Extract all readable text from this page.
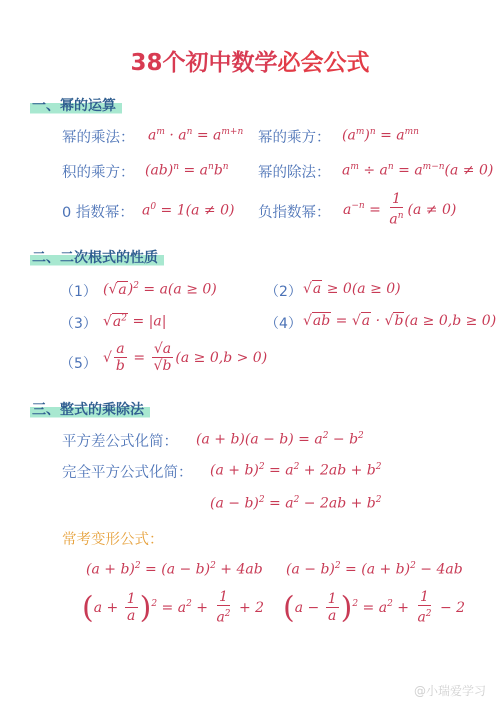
38个初中数学必会公式
一、幂的运算
幂的乘法： $a^m \cdot a^n = a^{m+n}$ 幂的乘方： $(a^m)^n = a^{mn}$
积的乘方： $(ab)^n = a^nb^n$ 幂的除法： $a^m \div a^n = a^{m-n}(a \ne 0)$
0 指数幂： $a^0 = 1(a \ne 0)$ 负指数幂： $a^{-n} = \frac{1}{a^n} (a \ne 0)$
二、二次根式的性质
（1） $(√a)^2 = a(a \ge 0)$	（2） √a ≥ 0(a ≥ 0)
（3） $√a^2 = |a|$	（4） √ab = √a · √b(a ≥ 0,b ≥ 0)
（5） √ $\frac{a}{b} = \frac{√a}{√b} (a \ge 0,b > 0)$
三、整式的乘除法
平方差公式化简： $(a + b)(a - b) = a^2 - b^2$
完全平方公式化简： $(a + b)^2 = a^2 + 2ab + b^2$
$(a - b)^2 = a^2 - 2ab + b^2$
常考变形公式：
$(a + b)^2 = (a - b)^2 + 4ab$ $(a - b)^2 = (a + b)^2 - 4ab$
$(a + \frac{1}{a} )^2 = a^2 + \frac{1}{a^2} + 2$ $(a - \frac{1}{a} )^2 = a^2 + \frac{1}{a^2} - 2$
@小瑞爱学习
